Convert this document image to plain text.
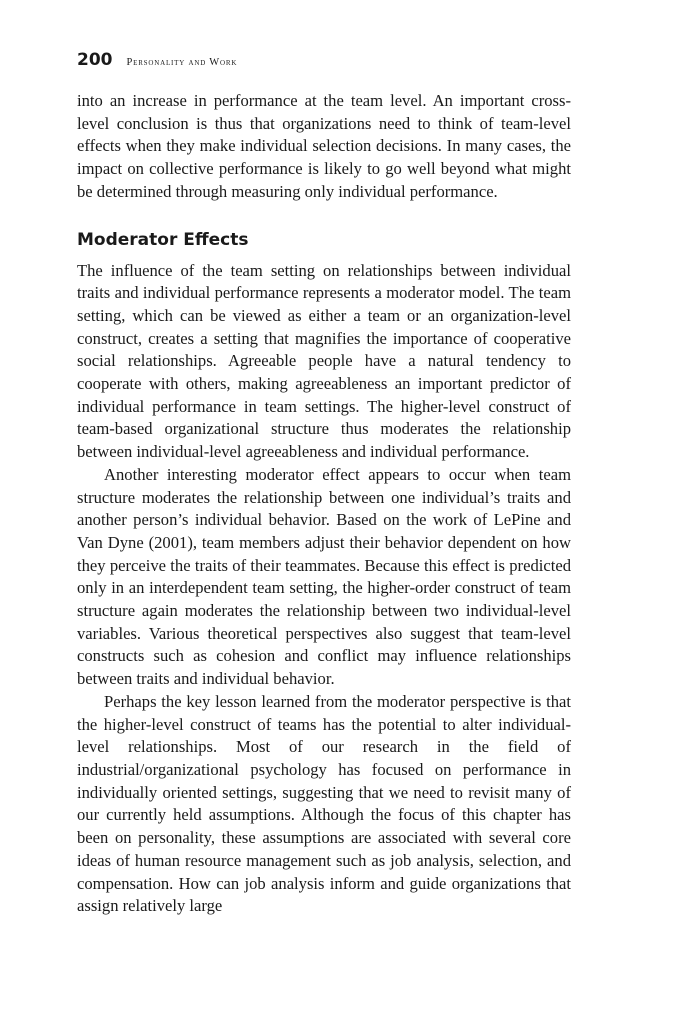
200 Personality and Work

into an increase in performance at the team level. An important cross-level conclusion is thus that organizations need to think of team-level effects when they make individual selection decisions. In many cases, the impact on collective performance is likely to go well beyond what might be determined through measuring only individual performance.

Moderator Effects

The influence of the team setting on relationships between individual traits and individual performance represents a moderator model. The team setting, which can be viewed as either a team or an organization-level construct, creates a setting that magnifies the importance of cooperative social relationships. Agreeable people have a natural tendency to cooperate with others, making agreeableness an important predictor of individual performance in team settings. The higher-level construct of team-based organizational structure thus moderates the relationship between individual-level agreeableness and individual performance.

Another interesting moderator effect appears to occur when team structure moderates the relationship between one individual’s traits and another person’s individual behavior. Based on the work of LePine and Van Dyne (2001), team members adjust their behavior dependent on how they perceive the traits of their teammates. Because this effect is predicted only in an interdependent team setting, the higher-order construct of team structure again moderates the relationship between two individual-level variables. Various theoretical perspectives also suggest that team-level constructs such as cohesion and conflict may influence relationships between traits and individual behavior.

Perhaps the key lesson learned from the moderator perspective is that the higher-level construct of teams has the potential to alter individual-level relationships. Most of our research in the field of industrial/organizational psychology has focused on performance in individually oriented settings, suggesting that we need to revisit many of our currently held assumptions. Although the focus of this chapter has been on personality, these assumptions are associated with several core ideas of human resource management such as job analysis, selection, and compensation. How can job analysis inform and guide organizations that assign relatively large
